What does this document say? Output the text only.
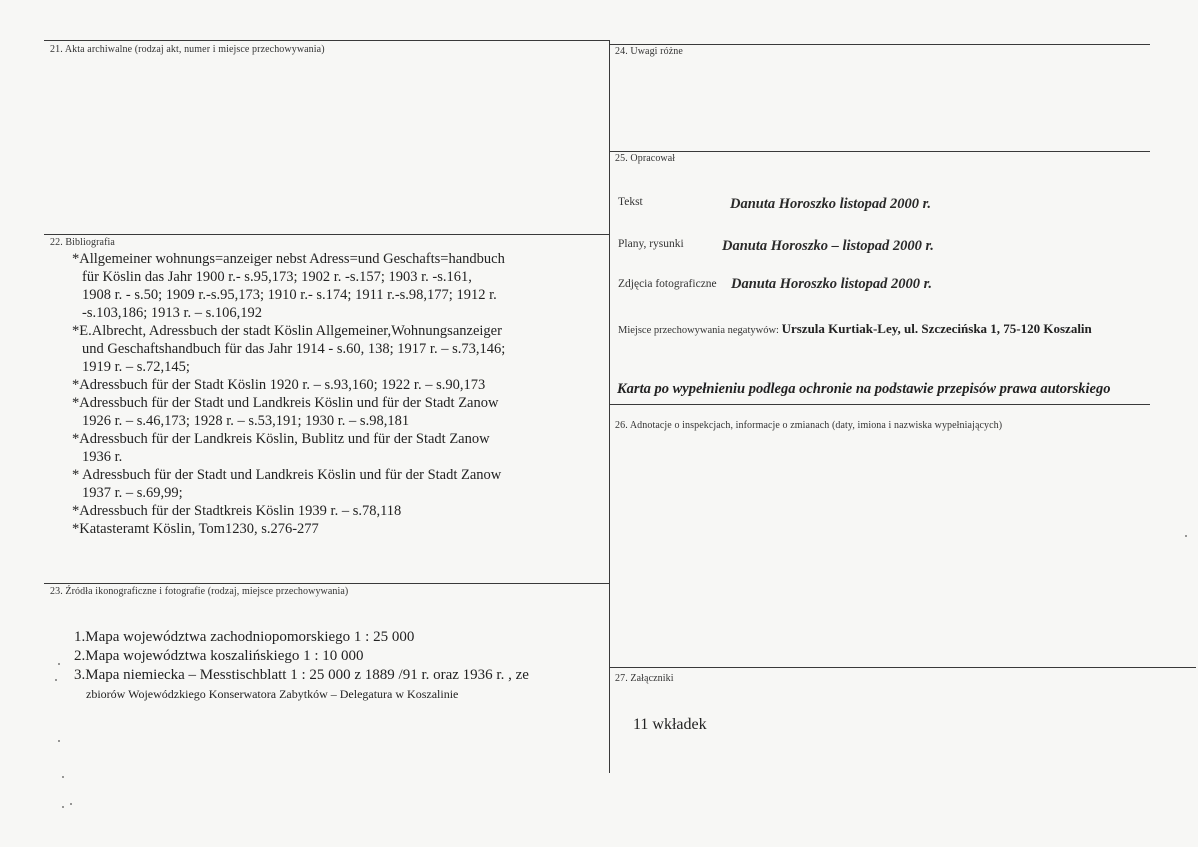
21. Akta archiwalne (rodzaj akt, numer i miejsce przechowywania)
22. Bibliografia
23. Źródła ikonograficzne i fotografie (rodzaj, miejsce przechowywania)
24. Uwagi różne
25. Opracował
26. Adnotacje o inspekcjach, informacje o zmianach (daty, imiona i nazwiska wypełniających)
27. Załączniki
*Allgemeiner wohnungs=anzeiger nebst Adress=und Geschafts=handbuch
für Köslin das Jahr 1900 r.- s.95,173; 1902 r. -s.157; 1903 r. -s.161,
1908 r. - s.50; 1909 r.-s.95,173; 1910 r.- s.174; 1911 r.-s.98,177; 1912 r.
-s.103,186; 1913 r. – s.106,192
*E.Albrecht, Adressbuch der stadt Köslin Allgemeiner,Wohnungsanzeiger
und Geschaftshandbuch für das Jahr 1914 - s.60, 138; 1917 r. – s.73,146;
1919 r. – s.72,145;
*Adressbuch für der Stadt Köslin 1920 r. – s.93,160; 1922 r. – s.90,173
*Adressbuch für der Stadt und Landkreis Köslin und für der Stadt Zanow
1926 r. – s.46,173; 1928 r. – s.53,191; 1930 r. – s.98,181
*Adressbuch für der Landkreis Köslin, Bublitz und für der Stadt Zanow
1936 r.
* Adressbuch für der Stadt und Landkreis Köslin und für der Stadt Zanow
1937 r. – s.69,99;
*Adressbuch für der Stadtkreis Köslin 1939 r. – s.78,118
*Katasteramt Köslin, Tom1230, s.276-277
1.Mapa województwa zachodniopomorskiego 1 : 25 000
2.Mapa województwa koszalińskiego 1 : 10 000
3.Mapa niemiecka – Messtischblatt 1 : 25 000 z 1889 /91 r. oraz 1936 r. , ze
zbiorów Wojewódzkiego Konserwatora Zabytków – Delegatura w Koszalinie
Tekst	Danuta Horoszko listopad 2000 r.
Plany, rysunki	Danuta Horoszko – listopad 2000 r.
Zdjęcia fotograficzne Danuta Horoszko listopad 2000 r.
Miejsce przechowywania negatywów: Urszula Kurtiak-Ley, ul. Szczecińska 1, 75-120 Koszalin
Karta po wypełnieniu podlega ochronie na podstawie przepisów prawa autorskiego
11 wkładek
